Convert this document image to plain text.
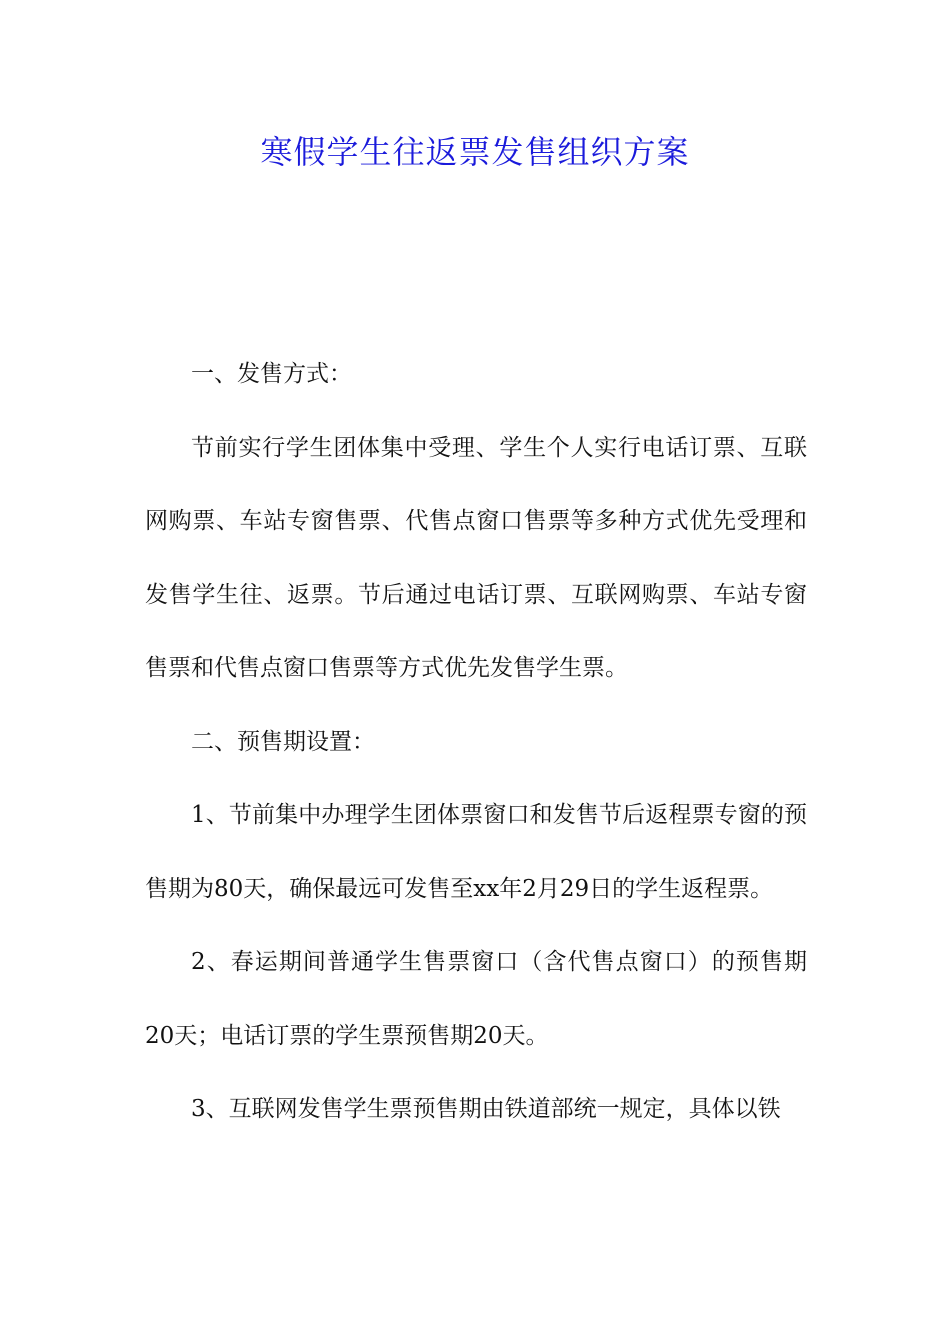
寒假学生往返票发售组织方案

一、发售方式：

节前实行学生团体集中受理、学生个人实行电话订票、互联网购票、车站专窗售票、代售点窗口售票等多种方式优先受理和发售学生往、返票。节后通过电话订票、互联网购票、车站专窗售票和代售点窗口售票等方式优先发售学生票。

二、预售期设置：

1、节前集中办理学生团体票窗口和发售节后返程票专窗的预售期为80天，确保最远可发售至xx年2月29日的学生返程票。

2、春运期间普通学生售票窗口（含代售点窗口）的预售期20天；电话订票的学生票预售期20天。

3、互联网发售学生票预售期由铁道部统一规定，具体以铁
